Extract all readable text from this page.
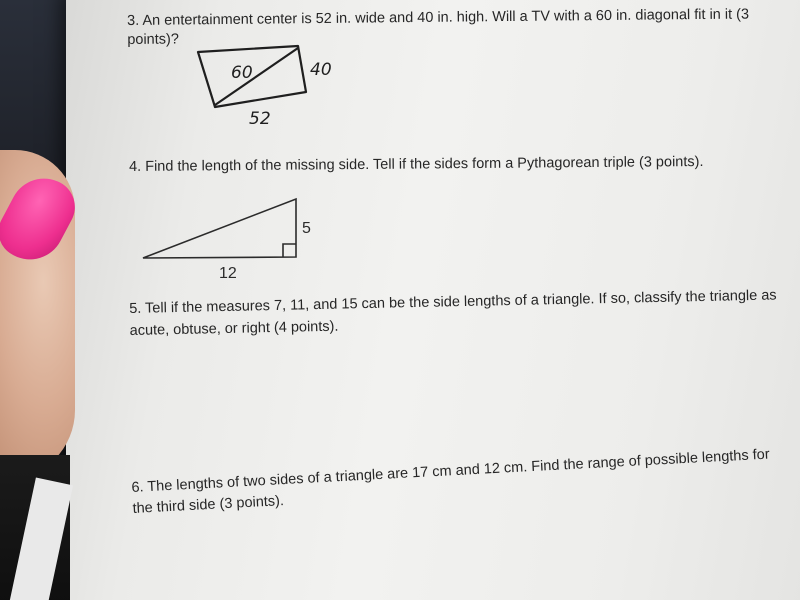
3. An entertainment center is 52 in. wide and 40 in. high. Will a TV with a 60 in. diagonal fit in it (3
points)?
4. Find the length of the missing side. Tell if the sides form a Pythagorean triple (3 points).
5. Tell if the measures 7, 11, and 15 can be the side lengths of a triangle. If so, classify the triangle as
acute, obtuse, or right (4 points).
6. The lengths of two sides of a triangle are 17 cm and 12 cm. Find the range of possible lengths for
the third side (3 points).
60	40
52
5
12
